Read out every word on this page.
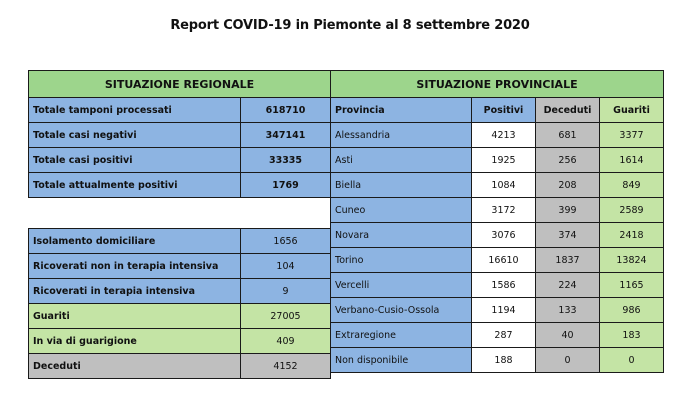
Report COVID-19 in Piemonte al 8 settembre 2020
SITUAZIONE REGIONALE	
Totale tamponi processati	618710
Totale casi negativi	347141
Totale casi positivi	33335
Totale attualmente positivi	1769
Isolamento domiciliare	1656
Ricoverati non in terapia intensiva	104
Ricoverati in terapia intensiva	9
Guariti	27005
In via di guarigione	409
Deceduti	4152
SITUAZIONE PROVINCIALE			
Provincia	Positivi	Deceduti	Guariti
Alessandria	4213	681	3377
Asti	1925	256	1614
Biella	1084	208	849
Cuneo	3172	399	2589
Novara	3076	374	2418
Torino	16610	1837	13824
Vercelli	1586	224	1165
Verbano-Cusio-Ossola	1194	133	986
Extraregione	287	40	183
Non disponibile	188	0	0
